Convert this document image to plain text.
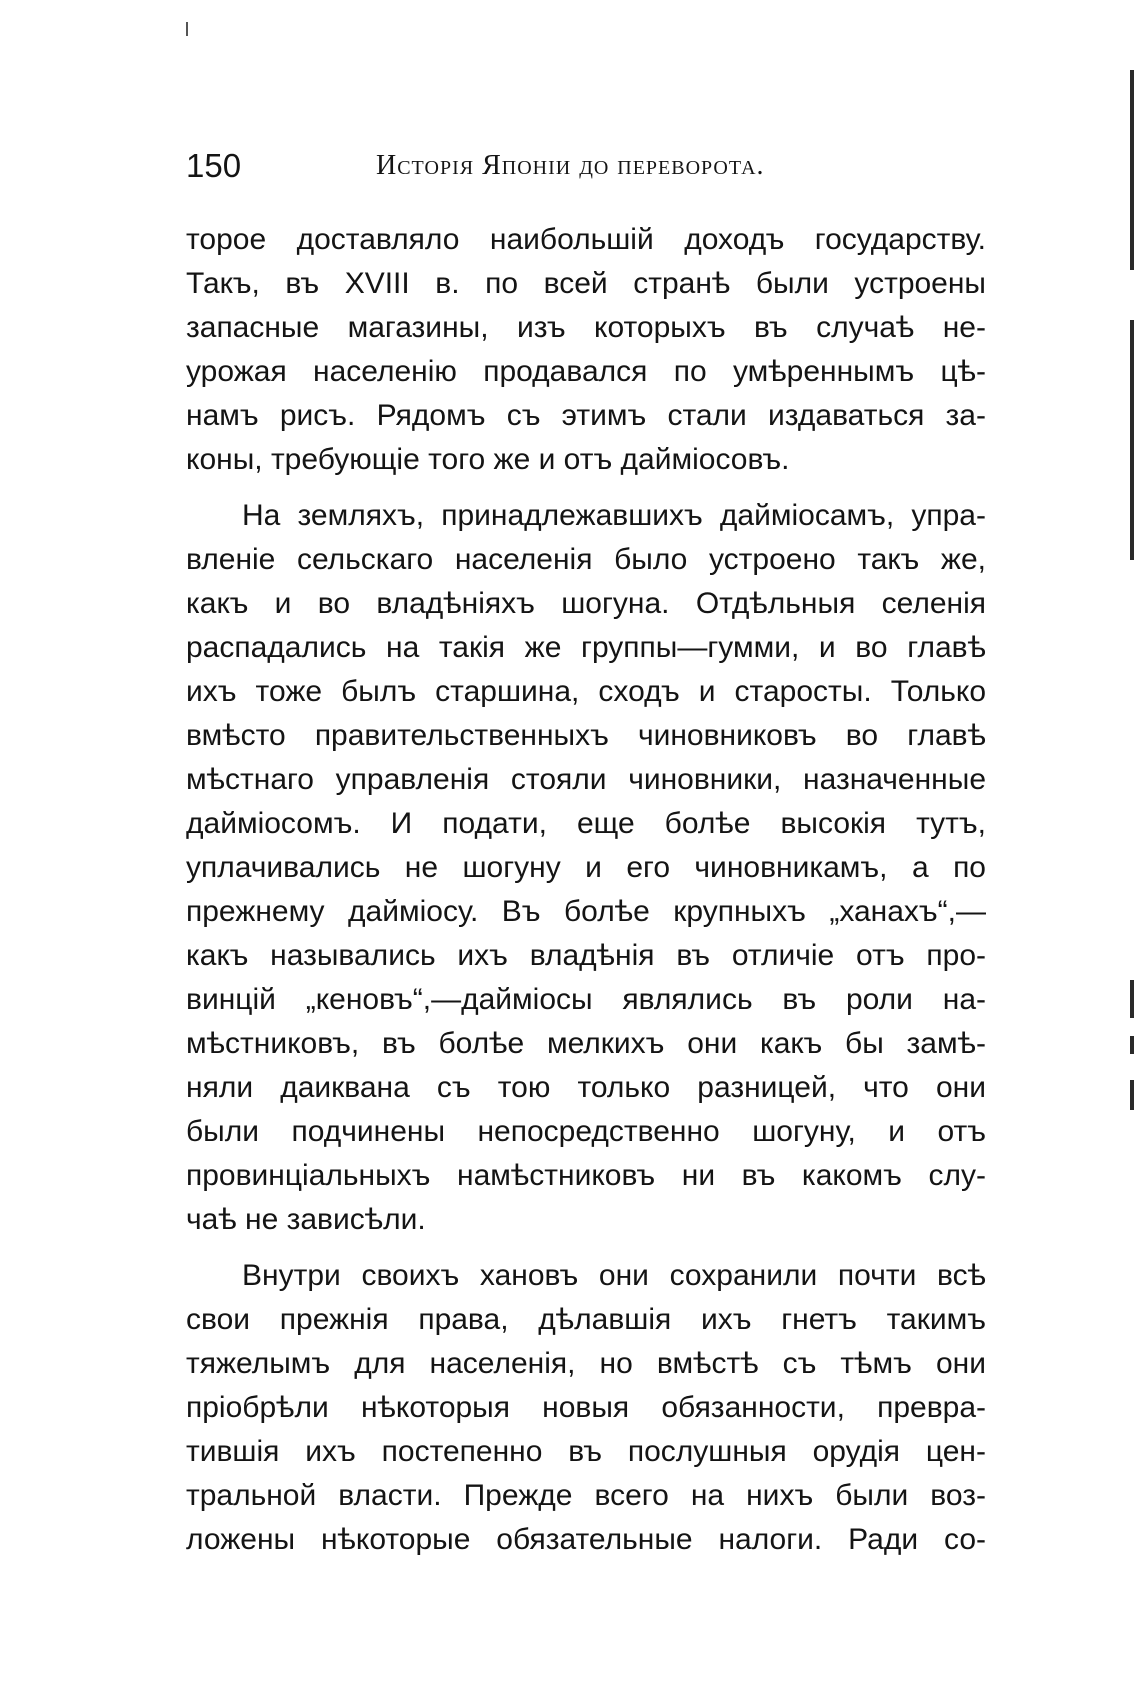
150	Исторія Японіи до переворота.
торое доставляло наибольшій доходъ государству.
Такъ, въ XVIII в. по всей странѣ были устроены
запасные магазины, изъ которыхъ въ случаѣ не-
урожая населенію продавался по умѣреннымъ цѣ-
намъ рисъ. Рядомъ съ этимъ стали издаваться за-
коны, требующіе того же и отъ даймiосовъ.
На земляхъ, принадлежавшихъ даймiосамъ, упра-
вленіе сельскаго населенія было устроено такъ же,
какъ и во владѣніяхъ шогуна. Отдѣльныя селенія
распадались на такія же группы—гумми, и во главѣ
ихъ тоже былъ старшина, сходъ и старосты. Только
вмѣсто правительственныхъ чиновниковъ во главѣ
мѣстнаго управленія стояли чиновники, назначенные
даймiосомъ. И подати, еще болѣе высокія тутъ,
уплачивались не шогуну и его чиновникамъ, а по
прежнему даймiосу. Въ болѣе крупныхъ „ханахъ“,—
какъ назывались ихъ владѣнія въ отличіе отъ про-
винцій „кеновъ“,—даймiосы являлись въ роли на-
мѣстниковъ, въ болѣе мелкихъ они какъ бы замѣ-
няли даиквана съ тою только разницей, что они
были подчинены непосредственно шогуну, и отъ
провинціальныхъ намѣстниковъ ни въ какомъ слу-
чаѣ не зависѣли.
Внутри своихъ хановъ они сохранили почти всѣ
свои прежнія права, дѣлавшія ихъ гнетъ такимъ
тяжелымъ для населенія, но вмѣстѣ съ тѣмъ они
пріобрѣли нѣкоторыя новыя обязанности, превра-
тившія ихъ постепенно въ послушныя орудія цен-
тральной власти. Прежде всего на нихъ были воз-
ложены нѣкоторые обязательные налоги. Ради со-
